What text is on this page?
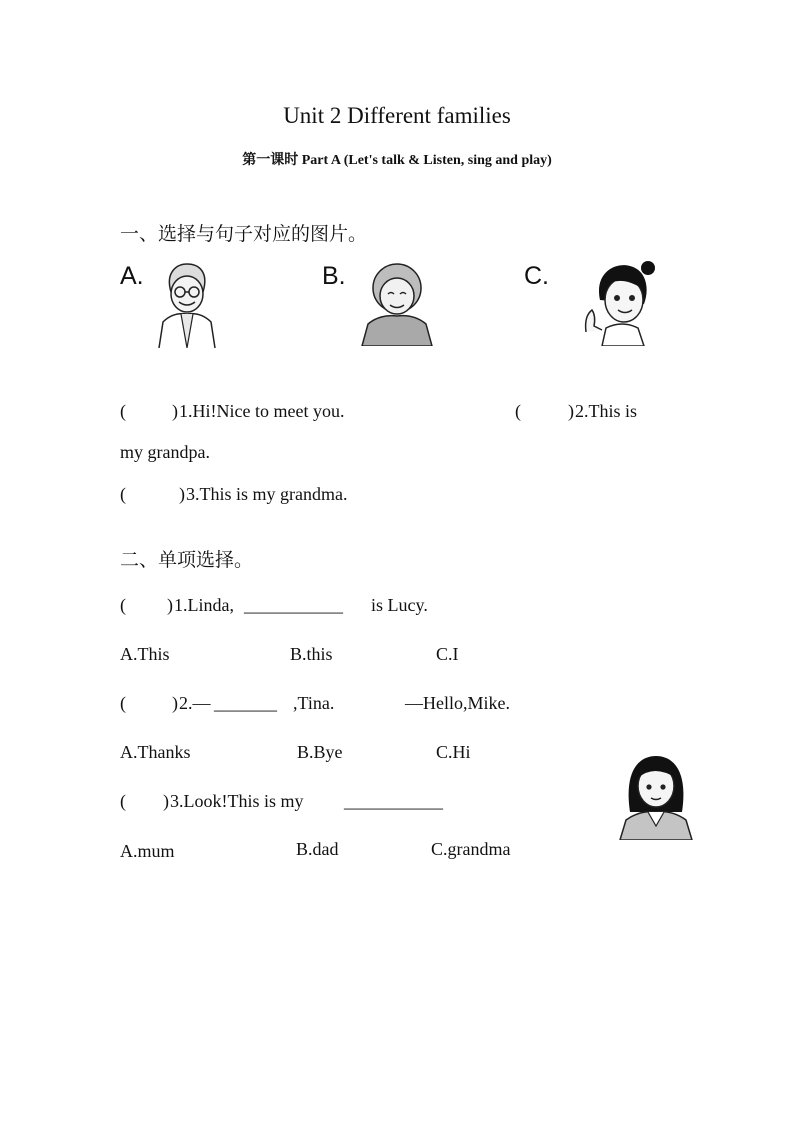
Unit 2 Different families
第一课时 Part A (Let's talk & Listen, sing and play)
一、选择与句子对应的图片。
A.	B.	C.
(	) 1.Hi!Nice to meet you.	(	) 2.This is
my grandpa.
(	) 3.This is my grandma.
二、单项选择。
( ) 1.Linda, ___________ is Lucy.
A.This	B.this	C.I
(	) 2.— _______ ,Tina.	—Hello,Mike.
A.Thanks	B.Bye	C.Hi
( ) 3.Look!This is my ___________
A.mum	B.dad	C.grandma
